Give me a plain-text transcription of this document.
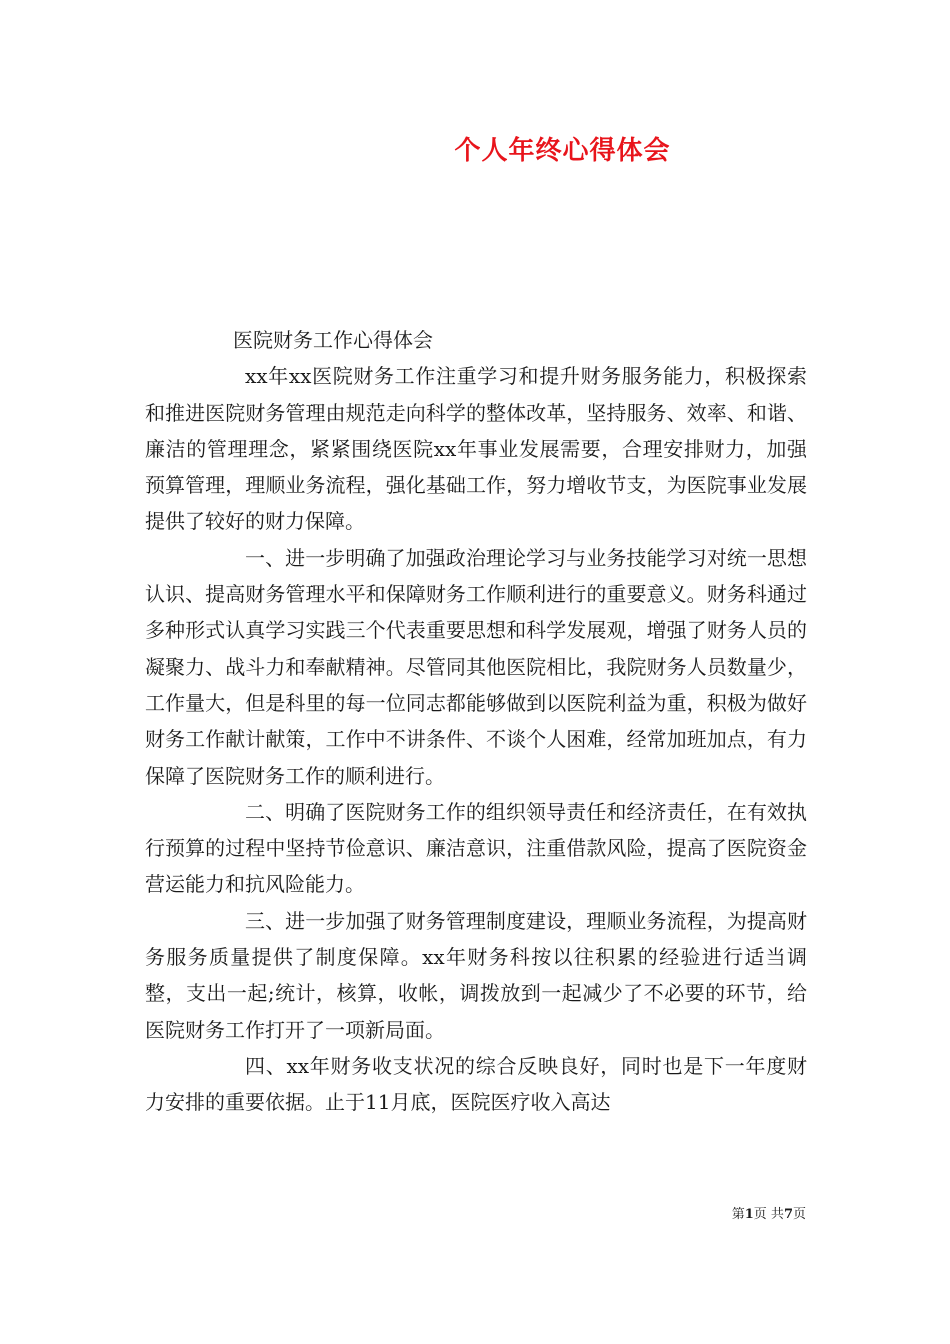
个人年终心得体会

医院财务工作心得体会

xx年xx医院财务工作注重学习和提升财务服务能力，积极探索和推进医院财务管理由规范走向科学的整体改革，坚持服务、效率、和谐、廉洁的管理理念，紧紧围绕医院xx年事业发展需要，合理安排财力，加强预算管理，理顺业务流程，强化基础工作，努力增收节支，为医院事业发展提供了较好的财力保障。

一、进一步明确了加强政治理论学习与业务技能学习对统一思想认识、提高财务管理水平和保障财务工作顺利进行的重要意义。财务科通过多种形式认真学习实践三个代表重要思想和科学发展观，增强了财务人员的凝聚力、战斗力和奉献精神。尽管同其他医院相比，我院财务人员数量少，工作量大，但是科里的每一位同志都能够做到以医院利益为重，积极为做好财务工作献计献策，工作中不讲条件、不谈个人困难，经常加班加点，有力保障了医院财务工作的顺利进行。

二、明确了医院财务工作的组织领导责任和经济责任，在有效执行预算的过程中坚持节俭意识、廉洁意识，注重借款风险，提高了医院资金营运能力和抗风险能力。

三、进一步加强了财务管理制度建设，理顺业务流程，为提高财务服务质量提供了制度保障。xx年财务科按以往积累的经验进行适当调整，支出一起;统计，核算，收帐，调拨放到一起减少了不必要的环节，给医院财务工作打开了一项新局面。

四、xx年财务收支状况的综合反映良好，同时也是下一年度财力安排的重要依据。止于11月底，医院医疗收入高达

第1页 共7页
